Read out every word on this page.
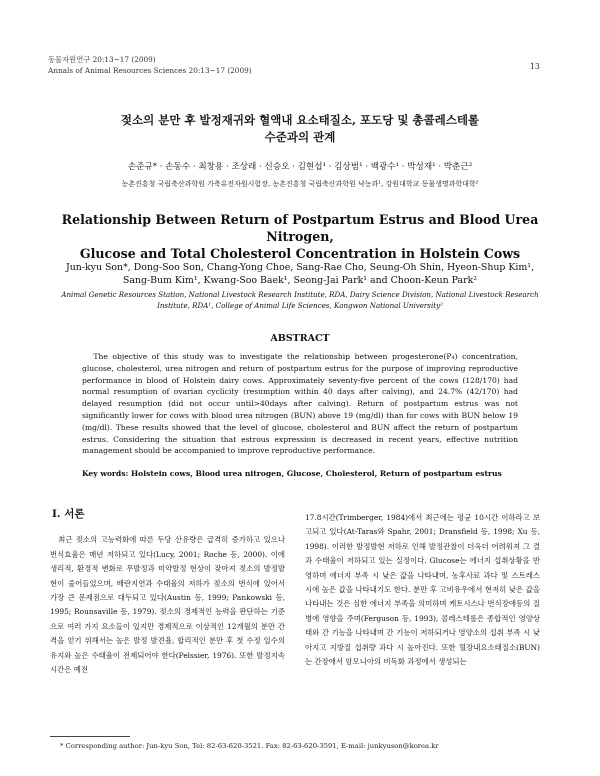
동물자원연구 20:13~17 (2009)
Annals of Animal Resources Sciences 20:13~17 (2009)	13
젖소의 분만 후 발정재귀와 혈액내 요소태질소, 포도당 및 총콜레스테롤
수준과의 관계
손준규* · 손동수 · 최창용 · 조상래 · 신승오 · 김현섭¹ · 김상범¹ · 백광수¹ · 박성재¹ · 박춘근²
농촌진흥청 국립축산과학원 가축유전자원시험장, 농촌진흥청 국립축산과학원 낙농과¹, 강원대학교 동물생명과학대학²
Relationship Between Return of Postpartum Estrus and Blood Urea Nitrogen,
Glucose and Total Cholesterol Concentration in Holstein Cows
Jun-kyu Son*, Dong-Soo Son, Chang-Yong Choe, Sang-Rae Cho, Seung-Oh Shin, Hyeon-Shup Kim¹,
Sang-Bum Kim¹, Kwang-Soo Baek¹, Seong-Jai Park¹ and Choon-Keun Park²
Animal Genetic Resources Station, National Livestock Research Institute, RDA, Dairy Science Division, National Livestock Research
Institute, RDA¹, College of Animal Life Sciences, Kangwon National University²
ABSTRACT

The objective of this study was to investigate the relationship between progesterone(P₄) concentration, glucose, cholesterol, urea nitrogen and return of postpartum estrus for the purpose of improving reproductive performance in blood of Holstein dairy cows. Approximately seventy-five percent of the cows (128/170) had normal resumption of ovarian cyclicity (resumption within 40 days after calving), and 24.7% (42/170) had delayed resumption (did not occur until>40days after calving). Return of postpartum estrus was not significantly lower for cows with blood urea nitrogen (BUN) above 19 (mg/dl) than for cows with BUN below 19 (mg/dl). These results showed that the level of glucose, cholesterol and BUN affect the return of postpartum estrus. Considering the situation that estrous expression is decreased in recent years, effective nutrition management should be accompanied to improve reproductive performance.

Key words: Holstein cows, Blood urea nitrogen, Glucose, Cholesterol, Return of postpartum estrus
Ⅰ. 서론

최근 젖소의 고능력화에 따른 두당 산유량은 급격히 증가하고 있으나 번식효율은 매년 저하되고 있다(Lucy, 2001; Roche 등, 2000). 이에 생리적, 환경적 변화로 무발정과 미약발정 현상이 잦아져 젖소의 발정발현이 줄어들었으며, 배란지연과 수태율의 저하가 젖소의 번식에 있어서 가장 큰 문제점으로 대두되고 있다(Austin 등, 1999; Pankowski 등, 1995; Rounsaville 등, 1979). 젖소의 경제적인 능력을 판단하는 기준으로 여러 가지 요소들이 있지만 경제적으로 이상적인 12개월의 분만 간격을 얻기 위해서는 높은 발정 발견율, 합리적인 분만 후 첫 수정 일수의 유지와 높은 수태율이 전제되어야 한다(Pelssier, 1976). 또한 발정지속시간은 예전

17.8시간(Trimberger, 1984)에서 최근에는 평균 10시간 이하라고 보고되고 있다(At-Taras와 Spahr, 2001; Dransfield 등, 1998; Xu 등, 1998). 이러한 발정발현 저하로 인해 발정관찰이 더욱더 어려워져 그 결과 수태율이 저하되고 있는 실정이다. Glucose는 에너지 섭취상황을 반영하며 에너지 부족 시 낮은 값을 나타내며, 농후사료 과다 및 스트레스 시에 높은 값을 나타내기도 한다. 분만 후 고비유우에서 현저히 낮은 값을 나타내는 것은 심한 에너지 부족을 의미하며 케토시스나 번식장애등의 질병에 영향을 주며(Ferguson 등, 1993), 콜레스테롤은 종합적인 영양상태와 간 기능을 나타내며 간 기능이 저하되거나 영양소의 섭취 부족 시 낮아지고 지방질 섭취량 과다 시 높아진다. 또한 혈장내요소태질소(BUN)는 간장에서 암모니아의 비독화 과정에서 생성되는

* Corresponding author: Jun-kyu Son, Tel: 82-63-620-3521. Fax: 82-63-620-3591, E-mail: junkyuson@korea.kr
